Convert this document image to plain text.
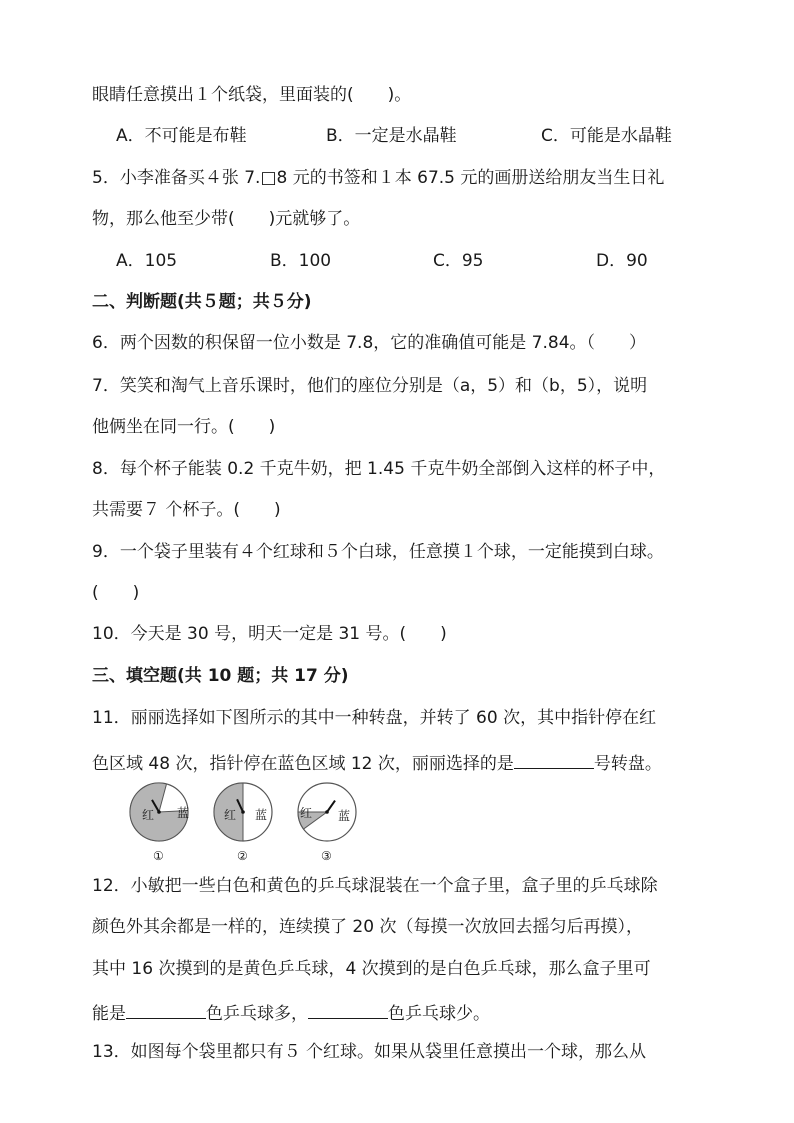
眼睛任意摸出１个纸袋，里面装的(　　)。
A．不可能是布鞋	B．一定是水晶鞋	C．可能是水晶鞋
5．小李准备买４张 7.□8 元的书签和１本 67.5 元的画册送给朋友当生日礼
物，那么他至少带(　　)元就够了。
A．105	B．100	C．95	D．90
二、判断题(共５题；共５分)
6．两个因数的积保留一位小数是 7.8，它的准确值可能是 7.84。（　　）
7．笑笑和淘气上音乐课时，他们的座位分别是（a，5）和（b，5），说明
他俩坐在同一行。(　　)
8．每个杯子能装 0.2 千克牛奶，把 1.45 千克牛奶全部倒入这样的杯子中，
共需要７ 个杯子。(　　)
9．一个袋子里装有４个红球和５个白球，任意摸１个球，一定能摸到白球。
(　　)
10．今天是 30 号，明天一定是 31 号。(　　)
三、填空题(共 10 题；共 17 分)
11．丽丽选择如下图所示的其中一种转盘，并转了 60 次，其中指针停在红
色区域 48 次，指针停在蓝色区域 12 次，丽丽选择的是	号转盘。
红 蓝	红 蓝	红 蓝
①	②	③
12．小敏把一些白色和黄色的乒乓球混装在一个盒子里，盒子里的乒乓球除
颜色外其余都是一样的，连续摸了 20 次（每摸一次放回去摇匀后再摸），
其中 16 次摸到的是黄色乒乓球，4 次摸到的是白色乒乓球，那么盒子里可
能是	色乒乓球多，	色乒乓球少。
13．如图每个袋里都只有５ 个红球。如果从袋里任意摸出一个球，那么从
